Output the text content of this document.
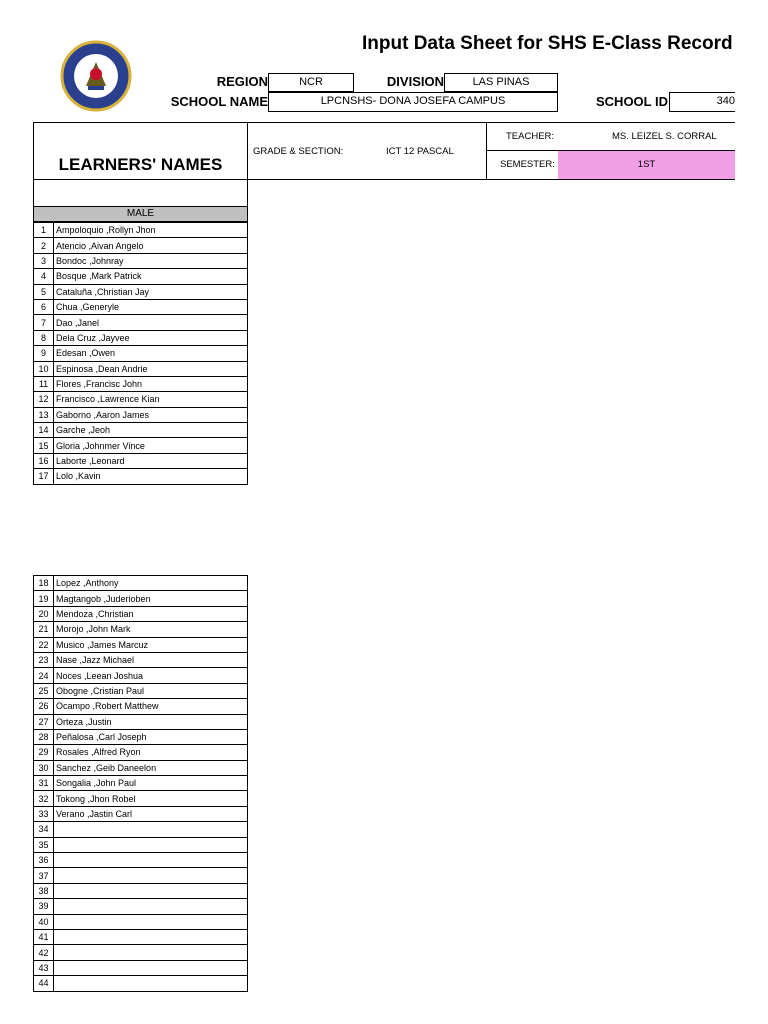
Input Data Sheet for SHS E-Class Record
REGION	NCR	DIVISION	LAS PINAS
SCHOOL NAME	LPCNSHS- DONA JOSEFA CAMPUS	SCHOOL ID	340
LEARNERS' NAMES
GRADE & SECTION:	ICT 12 PASCAL
TEACHER:	MS. LEIZEL S. CORRAL
SEMESTER:	1ST
MALE
1	Ampoloquio ,Rollyn Jhon
2	Atencio ,Aivan Angelo
3	Bondoc ,Johnray
4	Bosque ,Mark Patrick
5	Cataluña ,Christian Jay
6	Chua ,Generyle
7	Dao ,Janel
8	Dela Cruz ,Jayvee
9	Edesan ,Owen
10	Espinosa ,Dean Andrie
11	Flores ,Francisc John
12	Francisco ,Lawrence Kian
13	Gaborno ,Aaron James
14	Garche ,Jeoh
15	Gloria ,Johnmer Vince
16	Laborte ,Leonard
17	Lolo ,Kavin
18	Lopez ,Anthony
19	Magtangob ,Juderioben
20	Mendoza ,Christian
21	Morojo ,John Mark
22	Musico ,James Marcuz
23	Nase ,Jazz Michael
24	Noces ,Leean Joshua
25	Obogne ,Cristian Paul
26	Ocampo ,Robert Matthew
27	Orteza ,Justin
28	Peñalosa ,Carl Joseph
29	Rosales ,Alfred Ryon
30	Sanchez ,Geib Daneelon
31	Songalia ,John Paul
32	Tokong ,Jhon Robel
33	Verano ,Jastin Carl
34	
35	
36	
37	
38	
39	
40	
41	
42	
43	
44	
